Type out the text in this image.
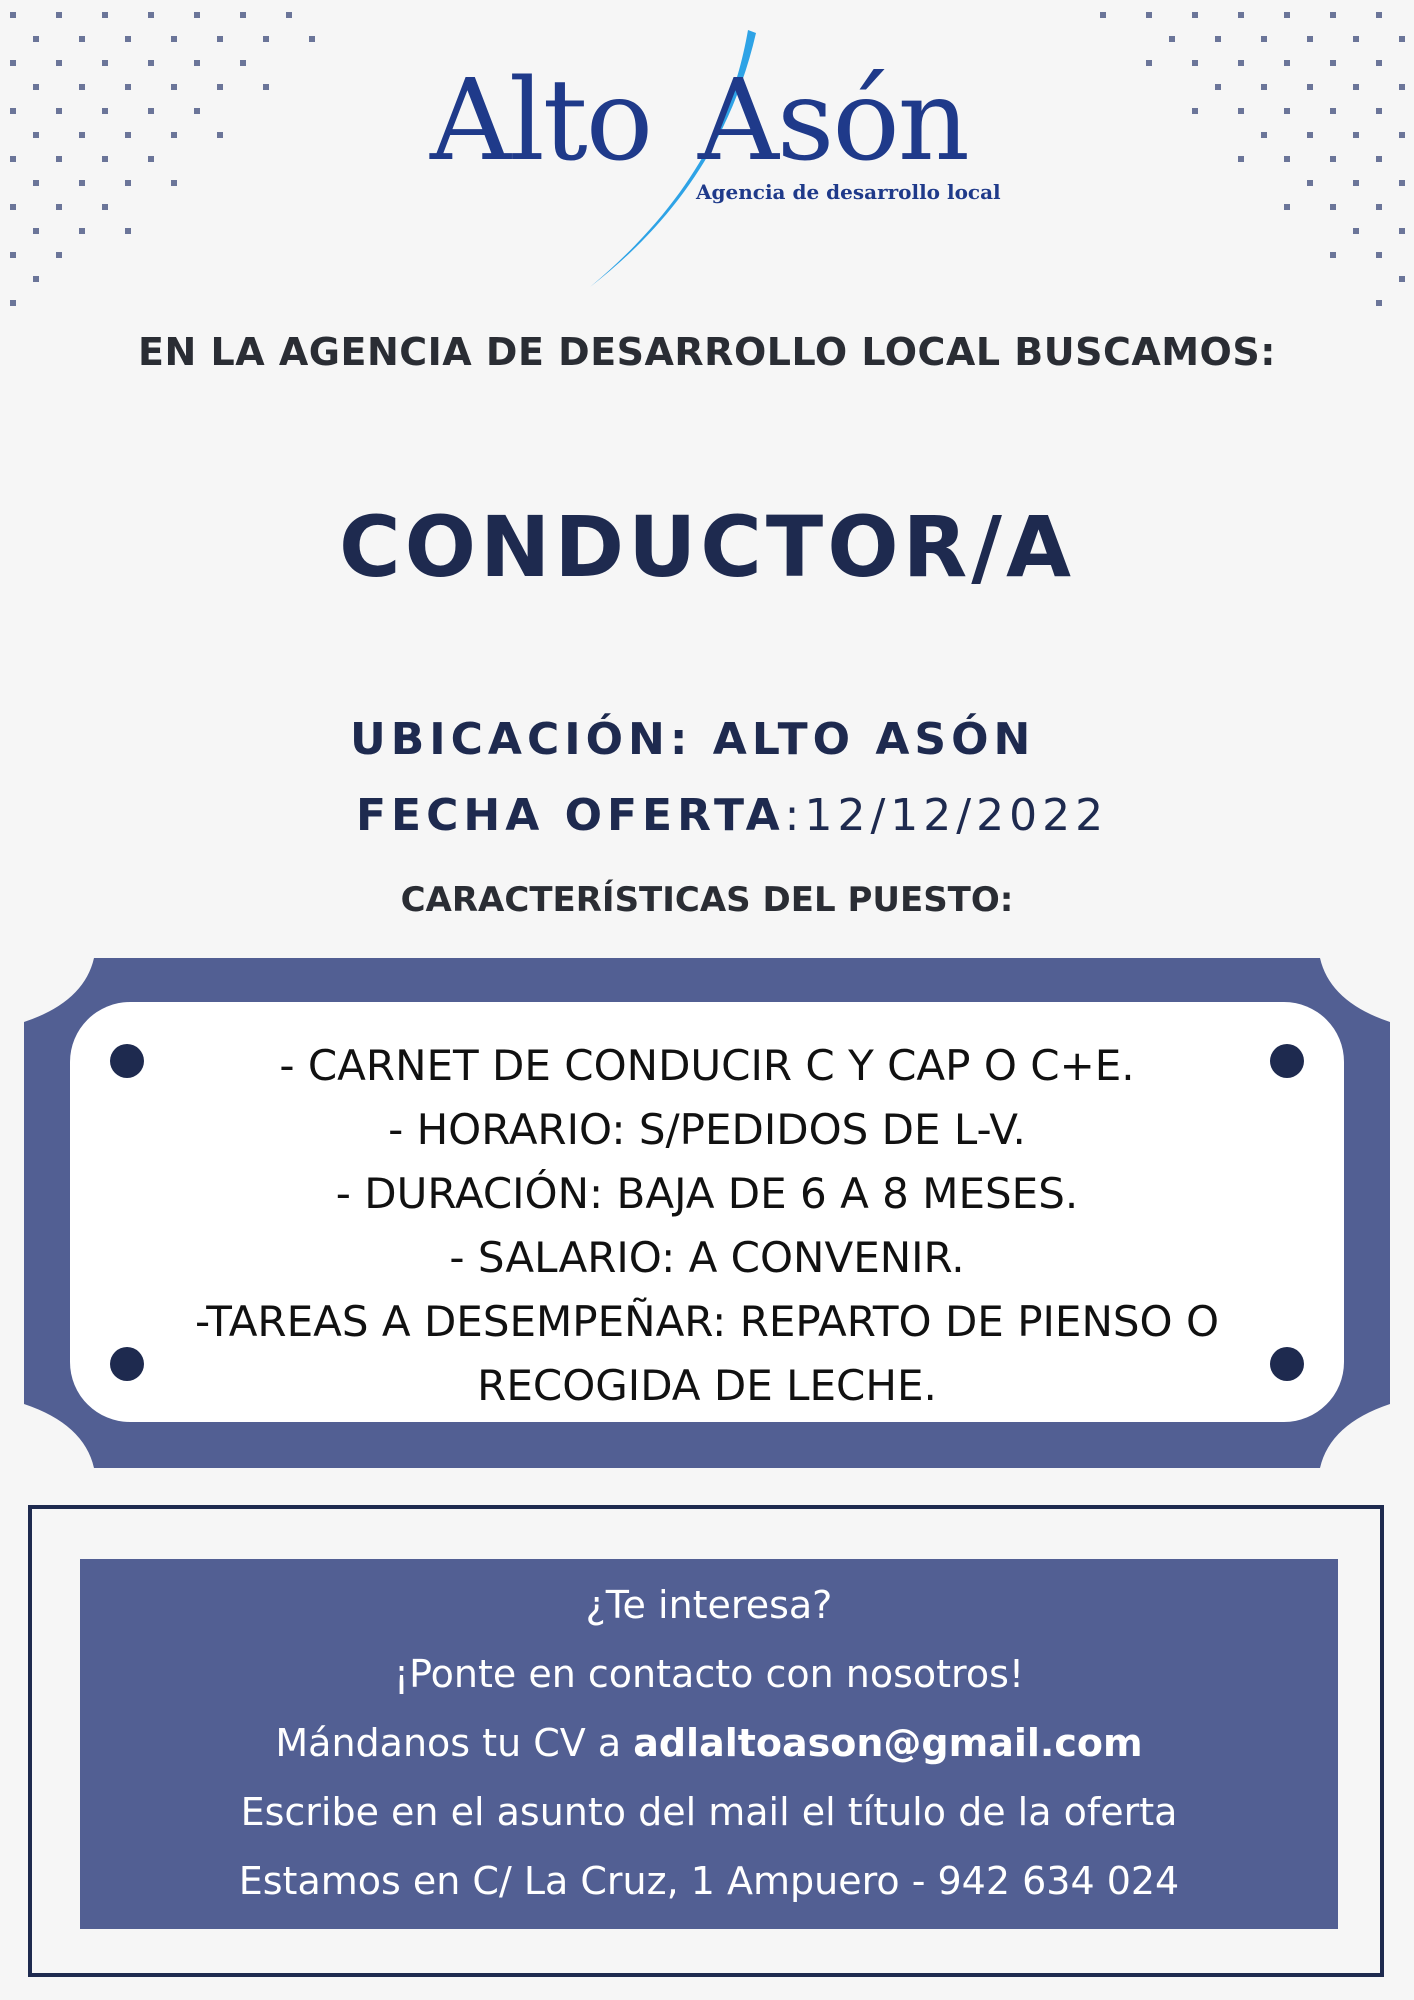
Alto Asón
Agencia de desarrollo local
EN LA AGENCIA DE DESARROLLO LOCAL BUSCAMOS:
CONDUCTOR/A
UBICACIÓN: ALTO ASÓN
FECHA OFERTA:12/12/2022
CARACTERÍSTICAS DEL PUESTO:
- CARNET DE CONDUCIR C Y CAP O C+E.
- HORARIO: S/PEDIDOS DE L-V.
- DURACIÓN: BAJA DE 6 A 8 MESES.
- SALARIO: A CONVENIR.
-TAREAS A DESEMPEÑAR: REPARTO DE PIENSO O
RECOGIDA DE LECHE.
¿Te interesa?
¡Ponte en contacto con nosotros!
Mándanos tu CV a adlaltoason@gmail.com
Escribe en el asunto del mail el título de la oferta
Estamos en C/ La Cruz, 1 Ampuero - 942 634 024
